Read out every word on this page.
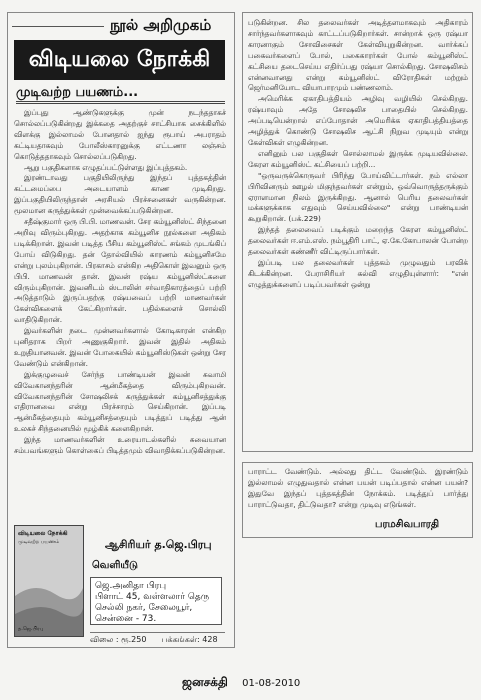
நூல் அறிமுகம்
விடியலை நோக்கி
முடிவற்ற பயணம்...

இப்புது ஆண்டுகளுக்கு முன் நடந்ததாகச் சொல்லப்படுகின்றது இக்கதை அதற்குச் சாட்சியாக சைக்கிளில் விளக்கு இல்லாமல் போனதால் ஐந்து ரூபாய் அபராதம் கட்டியதாகவும் போலீஸ்காரனுக்கு எட்டணா லஞ்சம் கொடுத்ததாகவும் சொல்லப்படுகிறது.

ஆறு பகுதிகளாக எழுதப்பட்டுள்ளது இப்புத்தகம்.

இரண்டாவது பகுதியிலிருந்து இந்தப் புத்தகத்தின் கட்டமைப்பை அடையாளம் காண முடிகிறது. இப்பகுதியிலிருந்தான் அரசியல் பிரச்சனைகள் வருகின்றன. மூலமான கருத்துக்கள் முன்வைக்கப்படுகின்றன.

சதீஷ்குமார் ஒரு பி.பி. மாணவன். சேர கம்யூனிஸ்ட் சிந்தனை அறிவு விரும்புகிறது. அதற்காக கம்யூனிச நூல்களை அதிகம் படிக்கிறான். இவன் படித்த பீசிய கம்யூனிஸ்ட் சங்கம் முடங்கிப் போய் விடுகிறது. தன் தோல்வியில் காரணம் கம்யூனிசமே என்று புலம்புகிறான். பிரகாசம் என்கிற அதிகொள் இவனும் ஒரு பிபி. மாணவன் தான். இவன் ரஷ்ய கம்யூனிஸ்ட்களை விரும்புகிறான். இவனிடம் ஸ்டாலின் சர்வாதிகாரத்தைப் பற்றி அடுத்தாடும் இருப்பதற்கு ரஷ்யவைப் பற்றி மாணவர்கள் கேள்விகளைக் கேட்கிறார்கள். பதில்களைச் சொல்லி வாதிடுகிறான்.

இவர்களின் நடை முன்னவர்களால் கோடிகாரன் என்கிற புனிதராக பிறர் அணுகுகிறார். இவன் இதில் அதிகம் உறுதியானவன். இவன் போகையில் கம்யூனிஸ்டுகள் ஒன்று சேர வேண்டும் என்கிறான்.

இக்குழுவைச் சேர்ந்த பாண்டியன் இவன் சுவாமி விவேகானந்தரின் ஆன்மீகத்தை விரும்புகிறவன். விவேகானந்தரின் சோஷலிசக் கருத்துக்கள் கம்யூனிசத்துக்கு எதிரானவை என்று பிரச்சாரம் செய்கிறான். இப்படி ஆன்மீகத்தையும் கம்யூனிசத்தையும் படித்துப் படித்து ஆன் உலகச் சிந்தனையில் மூழ்கிக் களைகிறான்.

இந்த மாணவர்களின் உரையாடல்களில் சுவையான சம்பவங்களும் கொள்கைப் பிடித்தமும் விவாதிக்கப்படுகின்றன.

விடியலை நோக்கி
முடிவற்ற பயணம்
த.ஜெ.பிரபு
ஆசிரியர் த.ஜெ.பிரபு
வெளியீடு
ஜெ.அனிதா பிரபு
பிளாட் 45, வள்ளலார் தெரு
செல்லி நகர், சேலையூர்,
சென்னை - 73.
விலை : ரூ.250 பக்கங்கள்: 428

படுகின்றன. சில தலைவர்கள் அடித்தளமாகவும் அதிகாரம் சார்ந்தவர்களாகவும் காட்டப்படுகிறார்கள். சான்றாக் ஒரு ரஷ்யா காரனாகும் சோவிசைகள் கேள்வியுறுகின்றன. வார்க்கப் பகைவர்களைப் போல், பகைகாரர்கள் போல் கம்யூனிஸ்ட் கட்சியை தடைசெய்ய எதிர்ப்பது ரஷ்யா சொல்கிறது. சோஷலிசம் என்னவானது என்று கம்யூனிஸ்ட் விரோதிகள் மற்றும் ஜெர்மனியோட வியாபாரமும் பண்ணலாம்.

அமெரிக்க ஏகாதிபத்தியம் அழிவு வழியில் செல்கிறது. ரஷ்யாவும் அதே சோஷலிச பாதையில் செல்கிறது. அப்படியென்றால் எப்போதான் அமெரிக்க ஏகாதிபத்தியத்தை அழித்துக் கொண்டு சோஷலிச ஆட்சி நிறுவ முடியும் என்று கேள்விகள் எழுகின்றன.

எனினும் பல பகுதிகள் சொல்லாமல் இருக்க முடியவில்லை. கேரள கம்யூனிஸ்ட் கட்சியைப் பற்றி...

"ஒருவருக்கொருவர் பிரிந்து போய்விட்டார்கள். நம் எல்லா பிரிவினரும் ஊழல் மிகுந்தவர்கள் என்றும், ஒவ்வொருத்தருக்கும் ஏராளமான நிலம் இருக்கிறது. ஆனால் பெரிய தலைவர்கள் மக்களுக்காக எதுவும் செய்யவில்லை" என்று பாண்டியன் கூறுகிறான். (பக்.229)

இந்தத் தலைவைப் படிக்கும் மறைந்த கேரள கம்யூனிஸ்ட் தலைவர்கள் ஈ.எம்.எஸ். நம்பூதிரி பாட், ஏ.கே.கோபாலன் போன்ற தலைவர்கள் கண்ணீர் விட்டிருப்பார்கள்.

இப்படி பல தலைவர்கள் புத்தகம் முழுவதும் பரவிக் கிடக்கின்றன. பேராசிரியர் கல்வி எழுதியுள்ளார்: "என் எழுத்துக்களைப் படிப்பவர்கள் ஒன்று

பாராட்ட வேண்டும். அல்லது திட்ட வேண்டும். இரண்டும் இல்லாமல் எழுதுவதால் என்ன பயன் படிப்பதால் என்ன பயன்? இதுவே இந்தப் புத்தகத்தின் நோக்கம். படித்துப் பார்த்து பாராட்டுவதா, திட்டுவதா? என்று முடிவு எடுங்கள்.

பரமசிவபாரதி
ஜனசக்தி 01-08-2010
